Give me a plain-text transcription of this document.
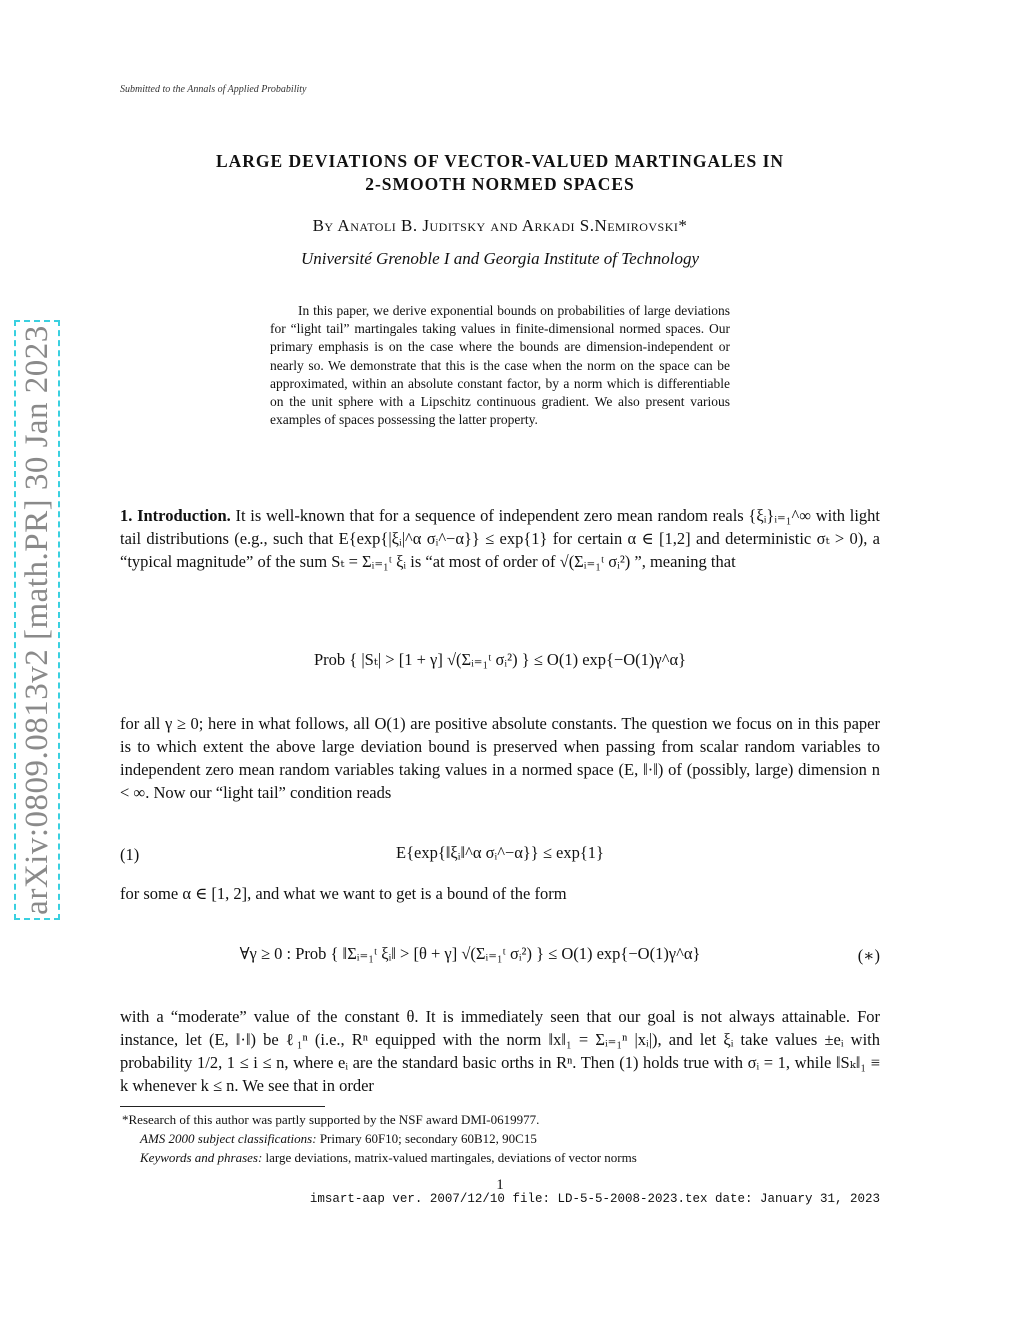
Submitted to the Annals of Applied Probability
arXiv:0809.0813v2 [math.PR] 30 Jan 2023
LARGE DEVIATIONS OF VECTOR-VALUED MARTINGALES IN
2-SMOOTH NORMED SPACES
By Anatoli B. Juditsky and Arkadi S.Nemirovski*
Université Grenoble I and Georgia Institute of Technology
In this paper, we derive exponential bounds on probabilities of large deviations for “light tail” martingales taking values in finite-dimensional normed spaces. Our primary emphasis is on the case where the bounds are dimension-independent or nearly so. We demonstrate that this is the case when the norm on the space can be approximated, within an absolute constant factor, by a norm which is differentiable on the unit sphere with a Lipschitz continuous gradient. We also present various examples of spaces possessing the latter property.
1. Introduction. It is well-known that for a sequence of independent zero mean random reals {ξᵢ}ᵢ₌₁^∞ with light tail distributions (e.g., such that E{exp{|ξᵢ|^α σᵢ^−α}} ≤ exp{1} for certain α ∈ [1,2] and deterministic σₜ > 0), a “typical magnitude” of the sum Sₜ = Σᵢ₌₁ᵗ ξᵢ is “at most of order of √(Σᵢ₌₁ᵗ σᵢ²) ”, meaning that
Prob { |Sₜ| > [1 + γ] √(Σᵢ₌₁ᵗ σᵢ²) } ≤ O(1) exp{−O(1)γ^α}
for all γ ≥ 0; here in what follows, all O(1) are positive absolute constants. The question we focus on in this paper is to which extent the above large deviation bound is preserved when passing from scalar random variables to independent zero mean random variables taking values in a normed space (E, ‖·‖) of (possibly, large) dimension n < ∞. Now our “light tail” condition reads
(1)	E{exp{‖ξᵢ‖^α σᵢ^−α}} ≤ exp{1}
for some α ∈ [1, 2], and what we want to get is a bound of the form
∀γ ≥ 0 : Prob { ‖Σᵢ₌₁ᵗ ξᵢ‖ > [θ + γ] √(Σᵢ₌₁ᵗ σᵢ²) } ≤ O(1) exp{−O(1)γ^α}	(∗)
with a “moderate” value of the constant θ. It is immediately seen that our goal is not always attainable. For instance, let (E, ‖·‖) be ℓ₁ⁿ (i.e., Rⁿ equipped with the norm ‖x‖₁ = Σᵢ₌₁ⁿ |xᵢ|), and let ξᵢ take values ±eᵢ with probability 1/2, 1 ≤ i ≤ n, where eᵢ are the standard basic orths in Rⁿ. Then (1) holds true with σᵢ = 1, while ‖Sₖ‖₁ ≡ k whenever k ≤ n. We see that in order
*Research of this author was partly supported by the NSF award DMI-0619977.
AMS 2000 subject classifications: Primary 60F10; secondary 60B12, 90C15
Keywords and phrases: large deviations, matrix-valued martingales, deviations of vector norms
1
imsart-aap ver. 2007/12/10 file: LD-5-5-2008-2023.tex date: January 31, 2023
